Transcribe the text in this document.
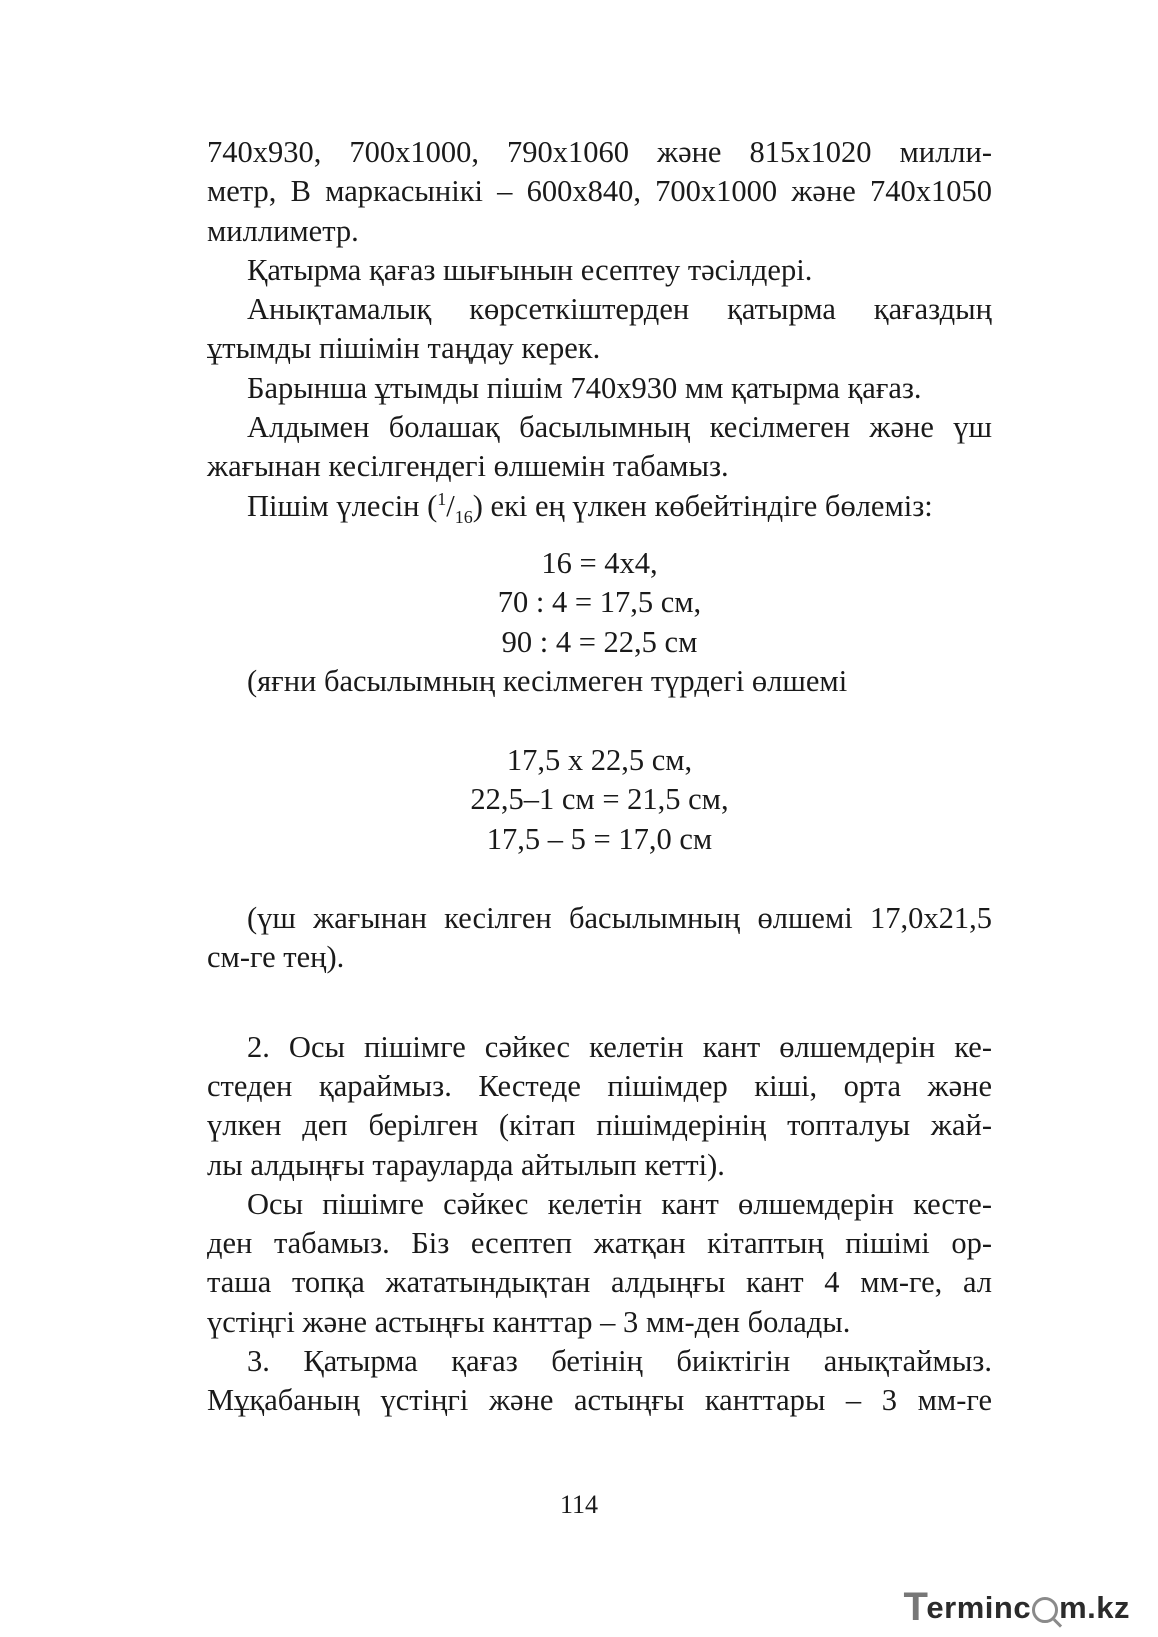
740x930, 700x1000, 790x1060 және 815x1020 милли-

метр, В маркасынікі – 600x840, 700x1000 және 740x1050

миллиметр.

Қатырма қағаз шығынын есептеу тәсілдері.

Анықтамалық көрсеткіштерден қатырма қағаздың

ұтымды пішімін таңдау керек.

Барынша ұтымды пішім 740x930 мм қатырма қағаз.

Алдымен болашақ басылымның кесілмеген және үш

жағынан кесілгендегі өлшемін табамыз.

Пішім үлесін $(^1/_{16})$ екі ең үлкен көбейтіндіге бөлеміз:

16 = 4x4,

70 : 4 = 17,5 см,

90 : 4 = 22,5 см

(яғни басылымның кесілмеген түрдегі өлшемі

17,5 x 22,5 см,

22,5–1 см = 21,5 см,

17,5 – 5 = 17,0 см

(үш жағынан кесілген басылымның өлшемі 17,0x21,5

см-ге тең).

2. Осы пішімге сәйкес келетін кант өлшемдерін ке-

стеден қараймыз. Кестеде пішімдер кіші, орта және

үлкен деп берілген (кітап пішімдерінің топталуы жай-

лы алдыңғы тарауларда айтылып кетті).

Осы пішімге сәйкес келетін кант өлшемдерін кесте-

ден табамыз. Біз есептеп жатқан кітаптың пішімі ор-

таша топқа жататындықтан алдыңғы кант 4 мм-ге, ал

үстіңгі және астыңғы канттар – 3 мм-ден болады.

3. Қатырма қағаз бетінің биіктігін анықтаймыз.

Мұқабаның үстіңгі және астыңғы канттары – 3 мм-ге

114
T
erminc m.kz
